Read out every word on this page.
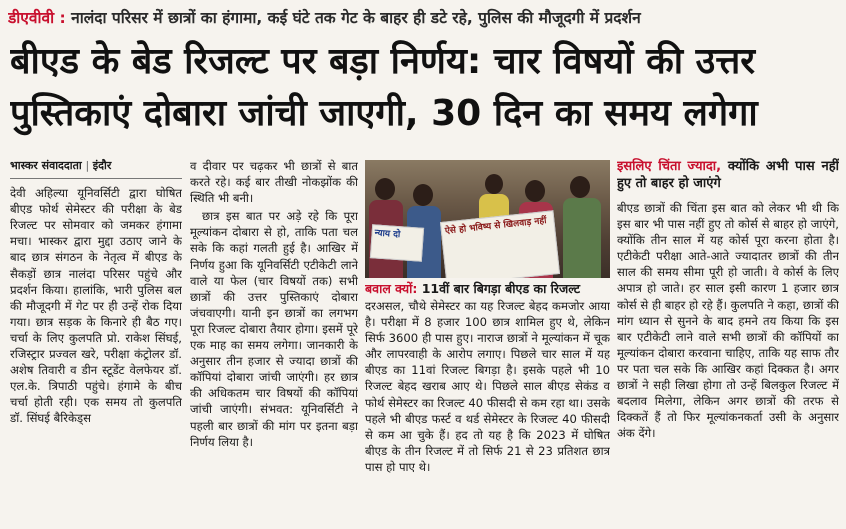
डीएवीवी : नालंदा परिसर में छात्रों का हंगामा, कई घंटे तक गेट के बाहर ही डटे रहे, पुलिस की मौजूदगी में प्रदर्शन
बीएड के बेड रिजल्ट पर बड़ा निर्णय: चार विषयों की उत्तर
पुस्तिकाएं दोबारा जांची जाएगी, 30 दिन का समय लगेगा
भास्कर संवाददाता | इंदौर

देवी अहिल्या यूनिवर्सिटी द्वारा घोषित बीएड फोर्थ सेमेस्टर की परीक्षा के बेड रिजल्ट पर सोमवार को जमकर हंगामा मचा। भास्कर द्वारा मुद्दा उठाए जाने के बाद छात्र संगठन के नेतृत्व में बीएड के सैकड़ों छात्र नालंदा परिसर पहुंचे और प्रदर्शन किया। हालांकि, भारी पुलिस बल की मौजूदगी में गेट पर ही उन्हें रोक दिया गया। छात्र सड़क के किनारे ही बैठ गए। चर्चा के लिए कुलपति प्रो. राकेश सिंघई, रजिस्ट्रार प्रज्वल खरे, परीक्षा कंट्रोलर डॉ. अशेष तिवारी व डीन स्टूडेंट वेलफेयर डॉ. एल.के. त्रिपाठी पहुंचे। हंगामे के बीच चर्चा होती रही। एक समय तो कुलपति डॉ. सिंघई बैरिकेड्स

व दीवार पर चढ़कर भी छात्रों से बात करते रहे। कई बार तीखी नोकझोंक की स्थिति भी बनी।

छात्र इस बात पर अड़े रहे कि पूरा मूल्यांकन दोबारा से हो, ताकि पता चल सके कि कहां गलती हुई है। आखिर में निर्णय हुआ कि यूनिवर्सिटी एटीकेटी लाने वाले या फेल (चार विषयों तक) सभी छात्रों की उत्तर पुस्तिकाएं दोबारा जंचवाएगी। यानी इन छात्रों का लगभग पूरा रिजल्ट दोबारा तैयार होगा। इसमें पूरे एक माह का समय लगेगा। जानकारी के अनुसार तीन हजार से ज्यादा छात्रों की कॉपियां दोबारा जांची जाएंगी। हर छात्र की अधिकतम चार विषयों की कॉपियां जांची जाएंगी। संभवत: यूनिवर्सिटी ने पहली बार छात्रों की मांग पर इतना बड़ा निर्णय लिया है।

ऐसे हो भविष्य से खिलवाड़ नहीं
न्याय दो
बवाल क्यों: 11वीं बार बिगड़ा बीएड का रिजल्ट

दरअसल, चौथे सेमेस्टर का यह रिजल्ट बेहद कमजोर आया है। परीक्षा में 8 हजार 100 छात्र शामिल हुए थे, लेकिन सिर्फ 3600 ही पास हुए। नाराज छात्रों ने मूल्यांकन में चूक और लापरवाही के आरोप लगाए। पिछले चार साल में यह बीएड का 11वां रिजल्ट बिगड़ा है। इसके पहले भी 10 रिजल्ट बेहद खराब आए थे। पिछले साल बीएड सेकंड व फोर्थ सेमेस्टर का रिजल्ट 40 फीसदी से कम रहा था। उसके पहले भी बीएड फर्स्ट व थर्ड सेमेस्टर के रिजल्ट 40 फीसदी से कम आ चुके हैं। हद तो यह है कि 2023 में घोषित बीएड के तीन रिजल्ट में तो सिर्फ 21 से 23 प्रतिशत छात्र पास हो पाए थे।

इसलिए चिंता ज्यादा, क्योंकि अभी पास नहीं हुए तो बाहर हो जाएंगे

बीएड छात्रों की चिंता इस बात को लेकर भी थी कि इस बार भी पास नहीं हुए तो कोर्स से बाहर हो जाएंगे, क्योंकि तीन साल में यह कोर्स पूरा करना होता है। एटीकेटी परीक्षा आते-आते ज्यादातर छात्रों की तीन साल की समय सीमा पूरी हो जाती। वे कोर्स के लिए अपात्र हो जाते। हर साल इसी कारण 1 हजार छात्र कोर्स से ही बाहर हो रहे हैं। कुलपति ने कहा, छात्रों की मांग ध्यान से सुनने के बाद हमने तय किया कि इस बार एटीकेटी लाने वाले सभी छात्रों की कॉपियों का मूल्यांकन दोबारा करवाना चाहिए, ताकि यह साफ तौर पर पता चल सके कि आखिर कहां दिक्कत है। अगर छात्रों ने सही लिखा होगा तो उन्हें बिलकुल रिजल्ट में बदलाव मिलेगा, लेकिन अगर छात्रों की तरफ से दिक्कतें हैं तो फिर मूल्यांकनकर्ता उसी के अनुसार अंक देंगे।
